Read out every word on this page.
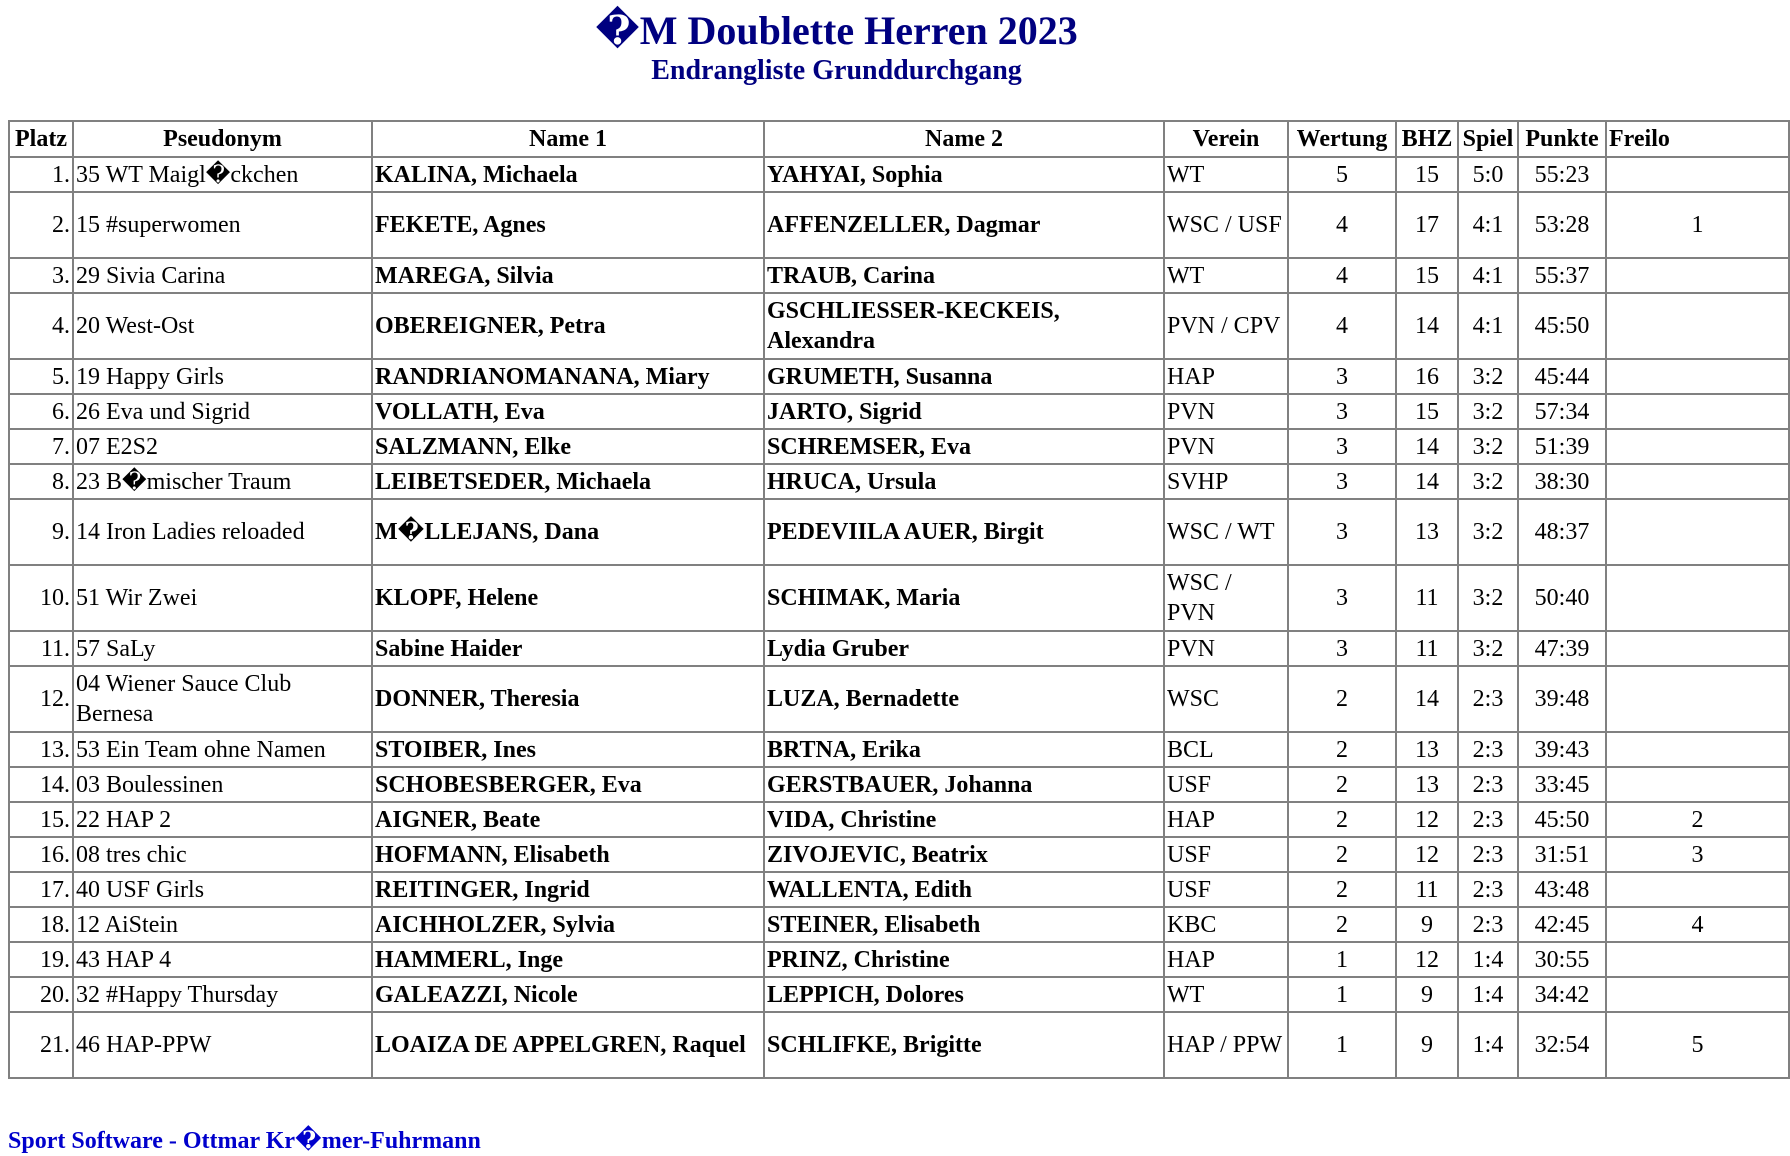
�M Doublette Herren 2023
Endrangliste Grunddurchgang
Platz	Pseudonym	Name 1	Name 2	Verein	Wertung	BHZ	Spiel	Punkte	Freilo
1.	35 WT Maigl�ckchen	KALINA, Michaela	YAHYAI, Sophia	WT	5	15	5:0	55:23	
2.	15 #superwomen	FEKETE, Agnes	AFFENZELLER, Dagmar	WSC / USF	4	17	4:1	53:28	1
3.	29 Sivia Carina	MAREGA, Silvia	TRAUB, Carina	WT	4	15	4:1	55:37	
4.	20 West-Ost	OBEREIGNER, Petra	GSCHLIESSER-KECKEIS, Alexandra	PVN / CPV	4	14	4:1	45:50	
5.	19 Happy Girls	RANDRIANOMANANA, Miary	GRUMETH, Susanna	HAP	3	16	3:2	45:44	
6.	26 Eva und Sigrid	VOLLATH, Eva	JARTO, Sigrid	PVN	3	15	3:2	57:34	
7.	07 E2S2	SALZMANN, Elke	SCHREMSER, Eva	PVN	3	14	3:2	51:39	
8.	23 B�mischer Traum	LEIBETSEDER, Michaela	HRUCA, Ursula	SVHP	3	14	3:2	38:30	
9.	14 Iron Ladies reloaded	M�LLEJANS, Dana	PEDEVIILA AUER, Birgit	WSC / WT	3	13	3:2	48:37	
10.	51 Wir Zwei	KLOPF, Helene	SCHIMAK, Maria	WSC / PVN	3	11	3:2	50:40	
11.	57 SaLy	Sabine Haider	Lydia Gruber	PVN	3	11	3:2	47:39	
12.	04 Wiener Sauce Club Bernesa	DONNER, Theresia	LUZA, Bernadette	WSC	2	14	2:3	39:48	
13.	53 Ein Team ohne Namen	STOIBER, Ines	BRTNA, Erika	BCL	2	13	2:3	39:43	
14.	03 Boulessinen	SCHOBESBERGER, Eva	GERSTBAUER, Johanna	USF	2	13	2:3	33:45	
15.	22 HAP 2	AIGNER, Beate	VIDA, Christine	HAP	2	12	2:3	45:50	2
16.	08 tres chic	HOFMANN, Elisabeth	ZIVOJEVIC, Beatrix	USF	2	12	2:3	31:51	3
17.	40 USF Girls	REITINGER, Ingrid	WALLENTA, Edith	USF	2	11	2:3	43:48	
18.	12 AiStein	AICHHOLZER, Sylvia	STEINER, Elisabeth	KBC	2	9	2:3	42:45	4
19.	43 HAP 4	HAMMERL, Inge	PRINZ, Christine	HAP	1	12	1:4	30:55	
20.	32 #Happy Thursday	GALEAZZI, Nicole	LEPPICH, Dolores	WT	1	9	1:4	34:42	
21.	46 HAP-PPW	LOAIZA DE APPELGREN, Raquel	SCHLIFKE, Brigitte	HAP / PPW	1	9	1:4	32:54	5
Sport Software - Ottmar Kr�mer-Fuhrmann
